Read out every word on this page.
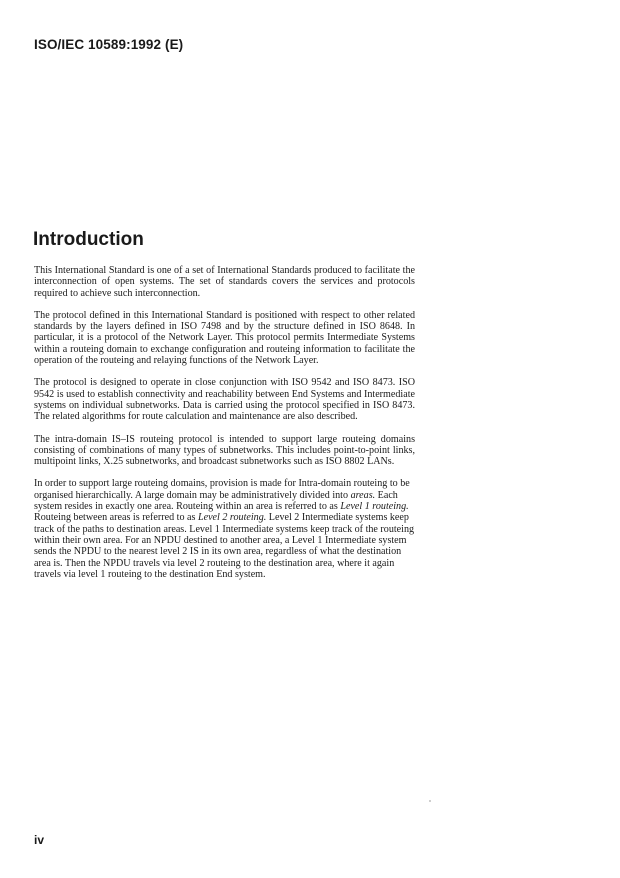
ISO/IEC 10589:1992 (E)
Introduction

This International Standard is one of a set of International Standards produced to facilitate the interconnection of open systems. The set of standards covers the services and protocols required to achieve such interconnection.

The protocol defined in this International Standard is positioned with respect to other related standards by the layers defined in ISO 7498 and by the structure defined in ISO 8648. In particular, it is a protocol of the Network Layer. This protocol permits Intermediate Systems within a routeing domain to exchange configuration and routeing information to facilitate the operation of the routeing and relaying functions of the Network Layer.

The protocol is designed to operate in close conjunction with ISO 9542 and ISO 8473. ISO 9542 is used to establish connectivity and reachability between End Systems and Intermediate systems on individual subnetworks. Data is carried using the protocol specified in ISO 8473. The related algorithms for route calculation and maintenance are also described.

The intra-domain IS–IS routeing protocol is intended to support large routeing domains consisting of combinations of many types of subnetworks. This includes point-to-point links, multipoint links, X.25 subnetworks, and broadcast subnetworks such as ISO 8802 LANs.

In order to support large routeing domains, provision is made for Intra-domain routeing to be organised hierarchically. A large domain may be administratively divided into areas. Each system resides in exactly one area. Routeing within an area is referred to as Level 1 routeing. Routeing between areas is referred to as Level 2 routeing. Level 2 Intermediate systems keep track of the paths to destination areas. Level 1 Intermediate systems keep track of the routeing within their own area. For an NPDU destined to another area, a Level 1 Intermediate system sends the NPDU to the nearest level 2 IS in its own area, regardless of what the destination area is. Then the NPDU travels via level 2 routeing to the destination area, where it again travels via level 1 routeing to the destination End system.

iv
